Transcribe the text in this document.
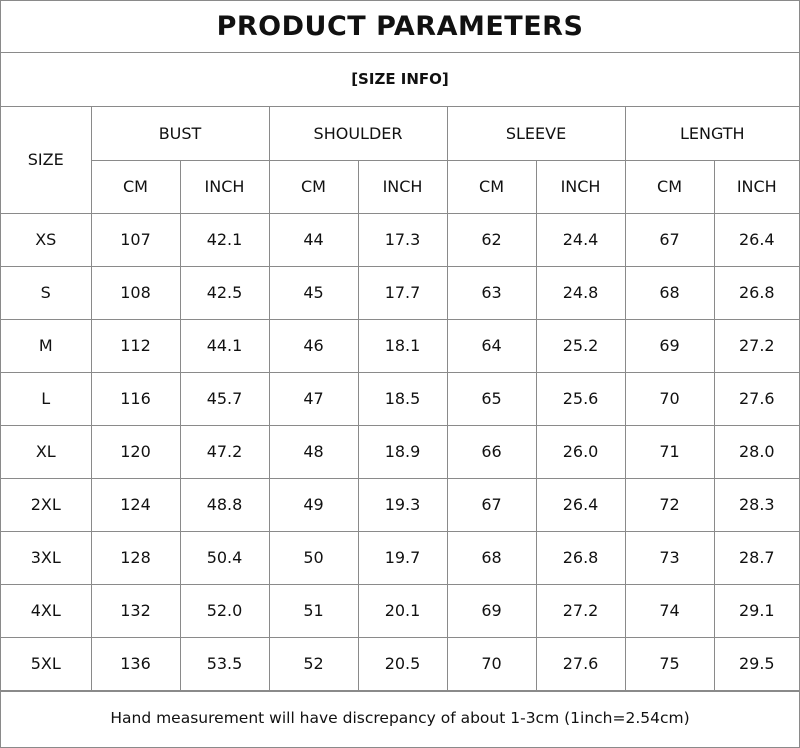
PRODUCT PARAMETERS
[SIZE INFO]
SIZE	BUST		SHOULDER		SLEEVE		LENGTH	
	CM	INCH	CM	INCH	CM	INCH	CM	INCH
XS	107	42.1	44	17.3	62	24.4	67	26.4
S	108	42.5	45	17.7	63	24.8	68	26.8
M	112	44.1	46	18.1	64	25.2	69	27.2
L	116	45.7	47	18.5	65	25.6	70	27.6
XL	120	47.2	48	18.9	66	26.0	71	28.0
2XL	124	48.8	49	19.3	67	26.4	72	28.3
3XL	128	50.4	50	19.7	68	26.8	73	28.7
4XL	132	52.0	51	20.1	69	27.2	74	29.1
5XL	136	53.5	52	20.5	70	27.6	75	29.5
Hand measurement will have discrepancy of about 1-3cm (1inch=2.54cm)
